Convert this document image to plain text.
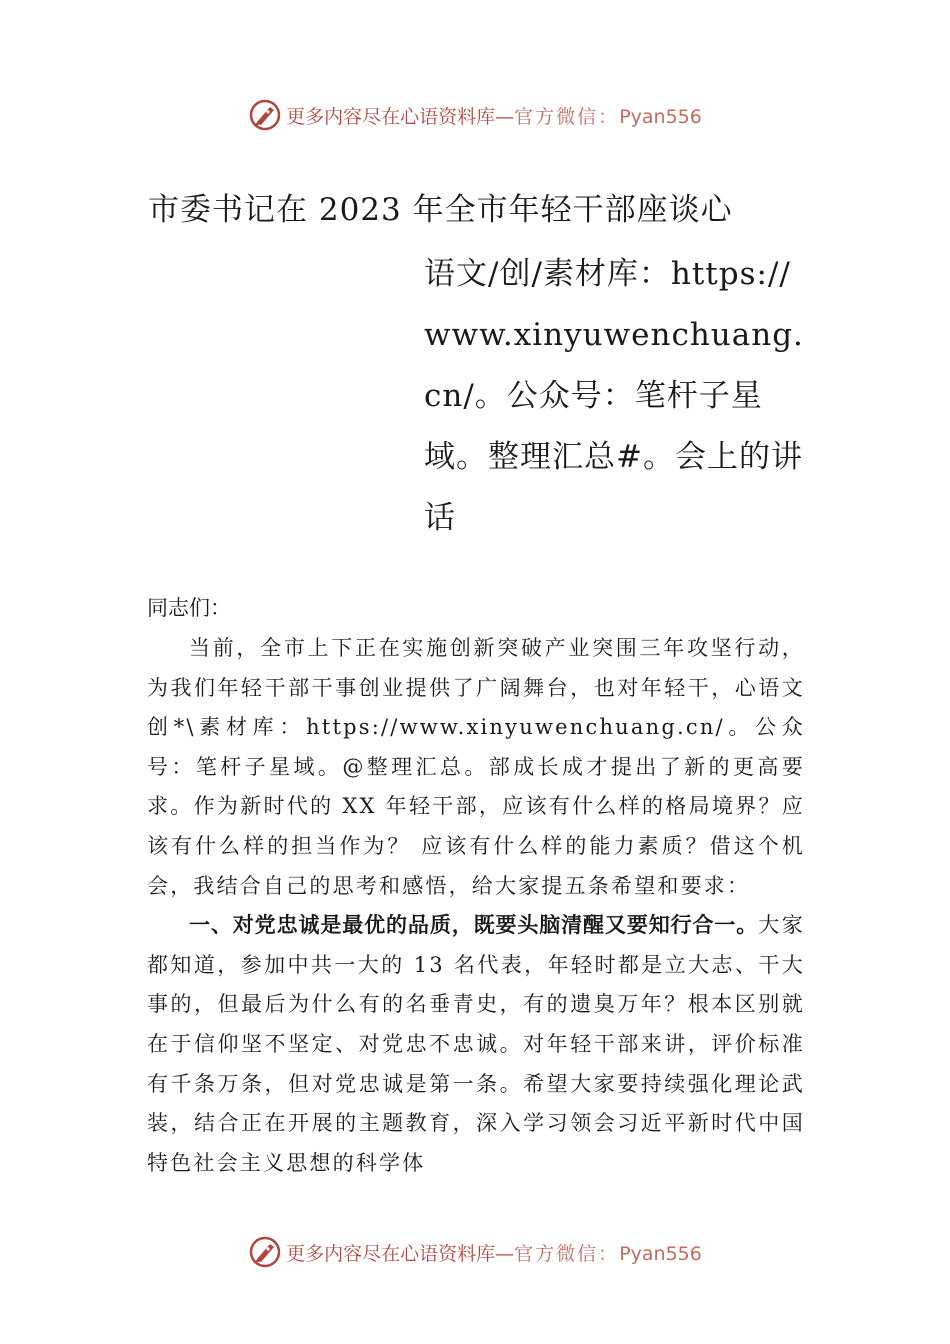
更多内容尽在心语资料库—官方微信：Pyan556
市委书记在 2023 年全市年轻干部座谈心
语文/创/素材库：https://www.xinyuwenchuang.cn/。公众号：笔杆子星域。整理汇总#。会上的讲话
同志们：

当前，全市上下正在实施创新突破产业突围三年攻坚行动，为我们年轻干部干事创业提供了广阔舞台，也对年轻干，心语文创*\素材库：https://www.xinyuwenchuang.cn/。公众号：笔杆子星域。@整理汇总。部成长成才提出了新的更高要求。作为新时代的 XX 年轻干部，应该有什么样的格局境界？应该有什么样的担当作为？ 应该有什么样的能力素质？借这个机会，我结合自己的思考和感悟，给大家提五条希望和要求：

一、对党忠诚是最优的品质，既要头脑清醒又要知行合一。大家都知道，参加中共一大的 13 名代表，年轻时都是立大志、干大事的，但最后为什么有的名垂青史，有的遗臭万年？根本区别就在于信仰坚不坚定、对党忠不忠诚。对年轻干部来讲，评价标准有千条万条，但对党忠诚是第一条。希望大家要持续强化理论武装，结合正在开展的主题教育，深入学习领会习近平新时代中国特色社会主义思想的科学体

更多内容尽在心语资料库—官方微信：Pyan556
